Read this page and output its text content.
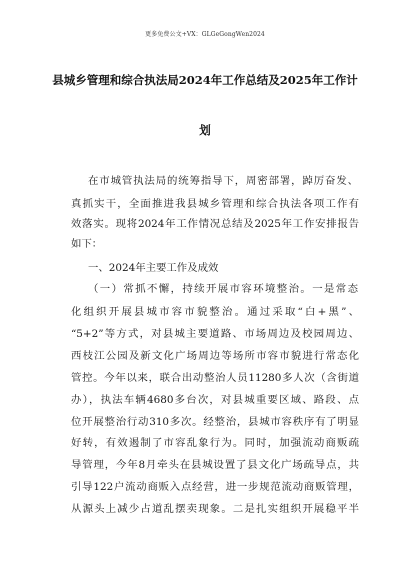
更多免费公文+VX：GLGeGongWen2024
县城乡管理和综合执法局2024年工作总结及2025年工作计
划
在市城管执法局的统筹指导下，周密部署，踔厉奋发、
真抓实干，全面推进我县城乡管理和综合执法各项工作有
效落实。现将2024年工作情况总结及2025年工作安排报告
如下：
一、2024年主要工作及成效
（一）常抓不懈，持续开展市容环境整治。一是常态
化组织开展县城市容市貌整治。通过采取“白+黑”、
“5+2”等方式，对县城主要道路、市场周边及校园周边、
西枝江公园及新文化广场周边等场所市容市貌进行常态化
管控。今年以来，联合出动整治人员11280多人次（含街道
办），执法车辆4680多台次，对县城重要区域、路段、点
位开展整治行动310多次。经整治，县城市容秩序有了明显
好转，有效遏制了市容乱象行为。同时，加强流动商贩疏
导管理，今年8月牵头在县城设置了县文化广场疏导点，共
引导122户流动商贩入点经营，进一步规范流动商贩管理，
从源头上减少占道乱摆卖现象。二是扎实组织开展稳平半
